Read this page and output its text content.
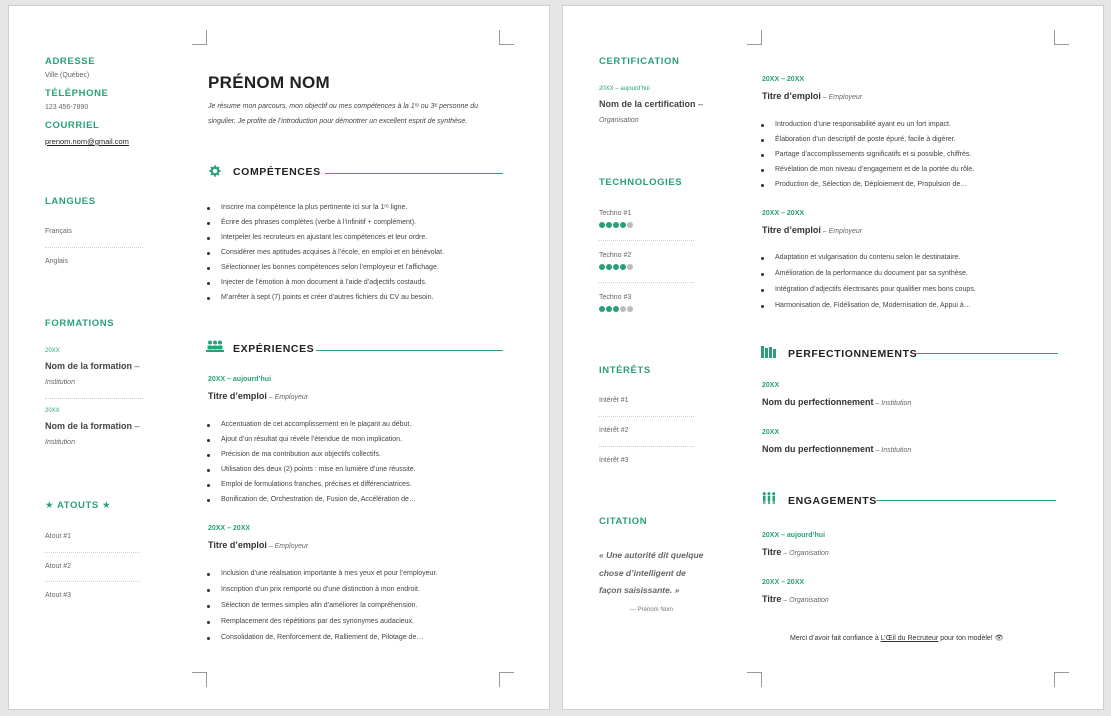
ADRESSE
Ville (Québec)
TÉLÉPHONE
123 456-7890
COURRIEL
prenom.nom@gmail.com
LANGUES
Français
Anglais
FORMATIONS
20XX
Nom de la formation –
Institution
20XX
Nom de la formation –
Institution
★ ATOUTS ★
Atout #1
Atout #2
Atout #3
PRÉNOM NOM
Je résume mon parcours, mon objectif ou mes compétences à la 1ʳᵉ ou 3ᵉ personne du
singulier. Je profite de l’introduction pour démontrer un excellent esprit de synthèse.
COMPÉTENCES
Inscrire ma compétence la plus pertinente ici sur la 1ʳᵉ ligne.
Écrire des phrases complètes (verbe à l’infinitif + complément).
Interpeler les recruteurs en ajustant les compétences et leur ordre.
Considérer mes aptitudes acquises à l’école, en emploi et en bénévolat.
Sélectionner les bonnes compétences selon l’employeur et l’affichage.
Injecter de l’émotion à mon document à l’aide d’adjectifs costauds.
M’arrêter à sept (7) points et créer d’autres fichiers du CV au besoin.
EXPÉRIENCES
20XX – aujourd’hui
Titre d’emploi – Employeur
Accentuation de cet accomplissement en le plaçant au début.
Ajout d’un résultat qui révèle l’étendue de mon implication.
Précision de ma contribution aux objectifs collectifs.
Utilisation des deux (2) points : mise en lumière d’une réussite.
Emploi de formulations franches, précises et différenciatrices.
Bonification de, Orchestration de, Fusion de, Accélération de…
20XX – 20XX
Titre d’emploi – Employeur
Inclusion d’une réalisation importante à mes yeux et pour l’employeur.
Inscription d’un prix remporté ou d’une distinction à mon endroit.
Sélection de termes simples afin d’améliorer la compréhension.
Remplacement des répétitions par des synonymes audacieux.
Consolidation de, Renforcement de, Ralliement de, Pilotage de…
CERTIFICATION
20XX – aujourd’hui
Nom de la certification –
Organisation
TECHNOLOGIES
Techno #1
Techno #2
Techno #3
INTÉRÊTS
Intérêt #1
Intérêt #2
Intérêt #3
CITATION
« Une autorité dit quelque
chose d’intelligent de
façon saisissante. »
— Prénom Nom
20XX – 20XX
Titre d’emploi – Employeur
Introduction d’une responsabilité ayant eu un fort impact.
Élaboration d’un descriptif de poste épuré, facile à digérer.
Partage d’accomplissements significatifs et si possible, chiffrés.
Révélation de mon niveau d’engagement et de la portée du rôle.
Production de, Sélection de, Déploiement de, Propulsion de…
20XX – 20XX
Titre d’emploi – Employeur
Adaptation et vulgarisation du contenu selon le destinataire.
Amélioration de la performance du document par sa synthèse.
Intégration d’adjectifs électrisants pour qualifier mes bons coups.
Harmonisation de, Fidélisation de, Modernisation de, Appui à…
PERFECTIONNEMENTS
20XX
Nom du perfectionnement – Institution
20XX
Nom du perfectionnement – Institution
ENGAGEMENTS
20XX – aujourd’hui
Titre – Organisation
20XX – 20XX
Titre – Organisation
Merci d’avoir fait confiance à L’Œil du Recruteur pour ton modèle! 👁
